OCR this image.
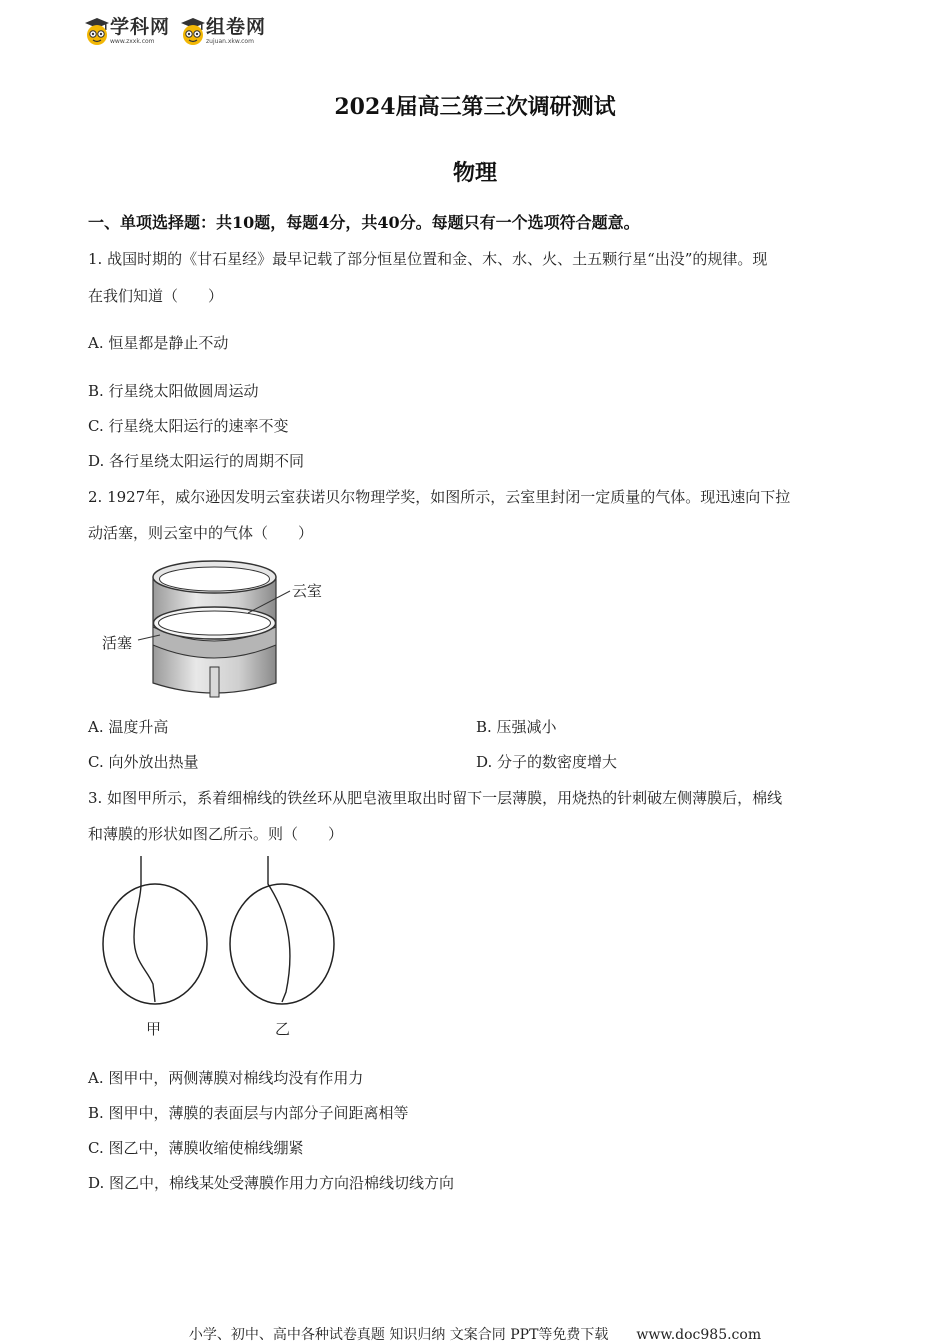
学科网
www.zxxk.com
组卷网
zujuan.xkw.com
2024届高三第三次调研测试
物理
一、单项选择题：共10题，每题4分，共40分。每题只有一个选项符合题意。
1. 战国时期的《甘石星经》最早记载了部分恒星位置和金、木、水、火、土五颗行星“出没”的规律。现
在我们知道（　　）
A. 恒星都是静止不动
B. 行星绕太阳做圆周运动
C. 行星绕太阳运行的速率不变
D. 各行星绕太阳运行的周期不同
2. 1927年，威尔逊因发明云室获诺贝尔物理学奖，如图所示，云室里封闭一定质量的气体。现迅速向下拉
动活塞，则云室中的气体（　　）
云室
活塞
A. 温度升高	B. 压强减小
C. 向外放出热量	D. 分子的数密度增大
3. 如图甲所示，系着细棉线的铁丝环从肥皂液里取出时留下一层薄膜，用烧热的针刺破左侧薄膜后，棉线
和薄膜的形状如图乙所示。则（　　）
甲	乙
A. 图甲中，两侧薄膜对棉线均没有作用力
B. 图甲中，薄膜的表面层与内部分子间距离相等
C. 图乙中，薄膜收缩使棉线绷紧
D. 图乙中，棉线某处受薄膜作用力方向沿棉线切线方向
小学、初中、高中各种试卷真题 知识归纳 文案合同 PPT等免费下载　　www.doc985.com
